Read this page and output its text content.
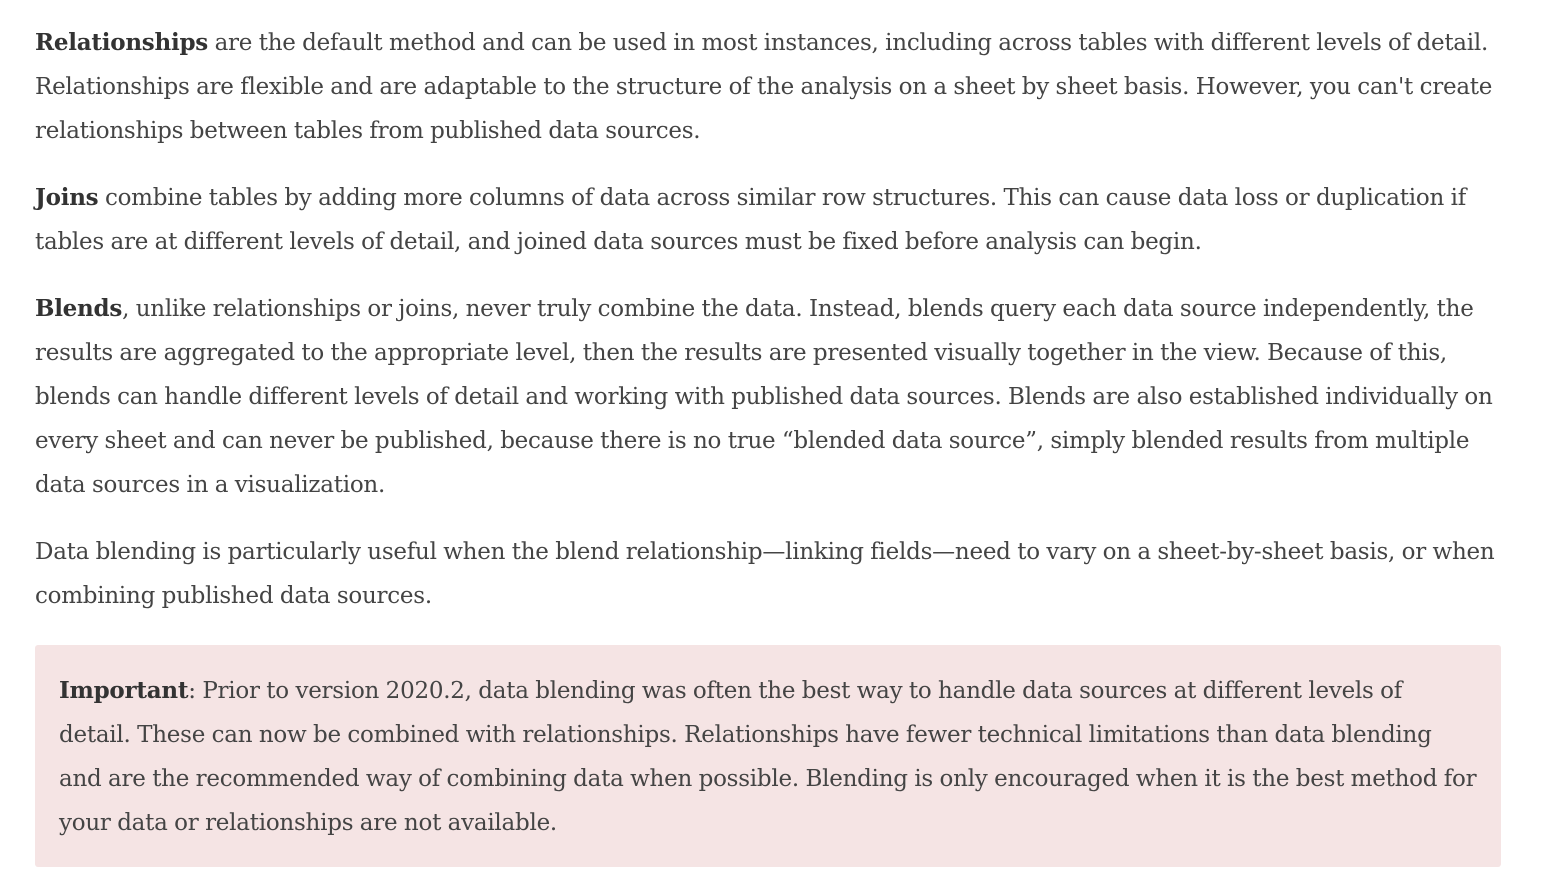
Relationships are the default method and can be used in most instances, including across tables with different levels of detail. Relationships are flexible and are adaptable to the structure of the analysis on a sheet by sheet basis. However, you can't create relationships between tables from published data sources.

Joins combine tables by adding more columns of data across similar row structures. This can cause data loss or duplication if tables are at different levels of detail, and joined data sources must be fixed before analysis can begin.

Blends, unlike relationships or joins, never truly combine the data. Instead, blends query each data source independently, the results are aggregated to the appropriate level, then the results are presented visually together in the view. Because of this, blends can handle different levels of detail and working with published data sources. Blends are also established individually on every sheet and can never be published, because there is no true “blended data source”, simply blended results from multiple data sources in a visualization.

Data blending is particularly useful when the blend relationship—linking fields—need to vary on a sheet-by-sheet basis, or when combining published data sources.

Important: Prior to version 2020.2, data blending was often the best way to handle data sources at different levels of detail. These can now be combined with relationships. Relationships have fewer technical limitations than data blending and are the recommended way of combining data when possible. Blending is only encouraged when it is the best method for your data or relationships are not available.
